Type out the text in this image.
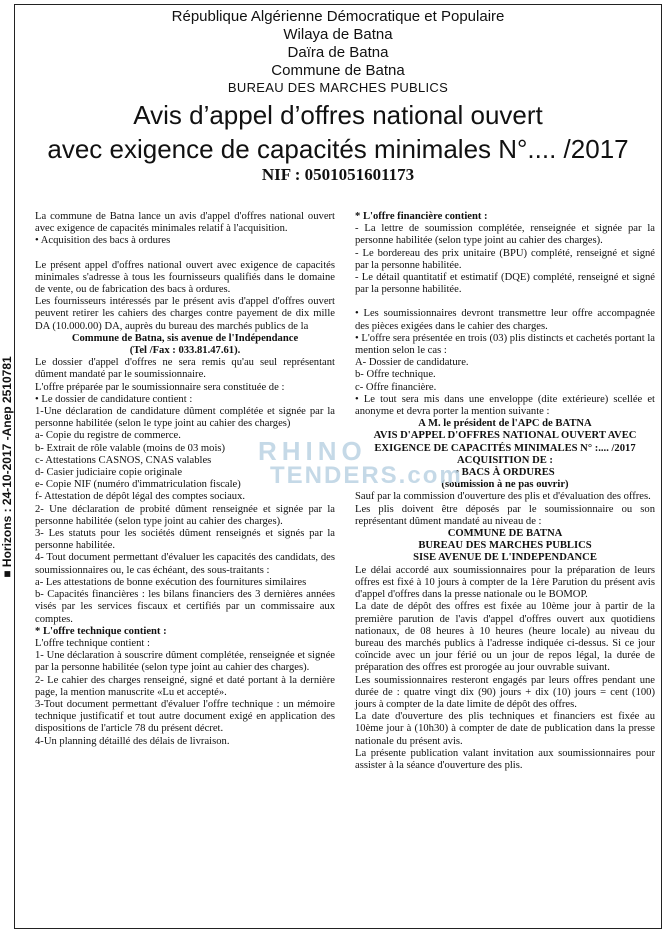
■ Horizons : 24-10-2017 -Anep 2510781
République Algérienne Démocratique et Populaire
Wilaya de Batna
Daïra de Batna
Commune de Batna
BUREAU DES MARCHES PUBLICS
Avis d’appel d’offres national ouvert
avec exigence de capacités minimales N°.... /2017
NIF : 0501051601173

La commune de Batna lance un avis d'appel d'offres national ouvert avec exigence de capacités minimales relatif à l'acquisition.

• Acquisition des bacs à ordures

Le présent appel d'offres national ouvert avec exigence de capacités minimales s'adresse à tous les fournisseurs qualifiés dans le domaine de vente, ou de fabrication des bacs à ordures.

Les fournisseurs intéressés par le présent avis d'appel d'offres ouvert peuvent retirer les cahiers des charges contre payement de dix mille DA (10.000.00) DA, auprès du bureau des marchés publics de la

Commune de Batna, sis avenue de l'Indépendance

(Tel /Fax : 033.81.47.61).

Le dossier d'appel d'offres ne sera remis qu'au seul représentant dûment mandaté par le soumissionnaire.

L'offre préparée par le soumissionnaire sera constituée de :

• Le dossier de candidature contient :

1-Une déclaration de candidature dûment complétée et signée par la personne habilitée (selon le type joint au cahier des charges)

a- Copie du registre de commerce.

b- Extrait de rôle valable (moins de 03 mois)

c- Attestations CASNOS, CNAS valables

d- Casier judiciaire copie originale

e- Copie NIF (numéro d'immatriculation fiscale)

f- Attestation de dépôt légal des comptes sociaux.

2- Une déclaration de probité dûment renseignée et signée par la personne habilitée (selon type joint au cahier des charges).

3- Les statuts pour les sociétés dûment renseignés et signés par la personne habilitée.

4- Tout document permettant d'évaluer les capacités des candidats, des soumissionnaires ou, le cas échéant, des sous-traitants :

a- Les attestations de bonne exécution des fournitures similaires

b- Capacités financières : les bilans financiers des 3 dernières années visés par les services fiscaux et certifiés par un commissaire aux comptes.

* L'offre technique contient :

L'offre technique contient :

1- Une déclaration à souscrire dûment complétée, renseignée et signée par la personne habilitée (selon type joint au cahier des charges).

2- Le cahier des charges renseigné, signé et daté portant à la dernière page, la mention manuscrite «Lu et accepté».

3-Tout document permettant d'évaluer l'offre technique : un mémoire technique justificatif et tout autre document exigé en application des dispositions de l'article 78 du présent décret.

4-Un planning détaillé des délais de livraison.

* L'offre financière contient :

- La lettre de soumission complétée, renseignée et signée par la personne habilitée (selon type joint au cahier des charges).

- Le bordereau des prix unitaire (BPU) complété, renseigné et signé par la personne habilitée.

- Le détail quantitatif et estimatif (DQE) complété, renseigné et signé par la personne habilitée.

• Les soumissionnaires devront transmettre leur offre accompagnée des pièces exigées dans le cahier des charges.

• L'offre sera présentée en trois (03) plis distincts et cachetés portant la mention selon le cas :

A- Dossier de candidature.

b- Offre technique.

c- Offre financière.

• Le tout sera mis dans une enveloppe (dite extérieure) scellée et anonyme et devra porter la mention suivante :

A M. le président de l'APC de BATNA

AVIS D'APPEL D'OFFRES NATIONAL OUVERT AVEC EXIGENCE DE CAPACITÉS MINIMALES N° :.... /2017

ACQUISITION DE :

• BACS À ORDURES

(soumission à ne pas ouvrir)

Sauf par la commission d'ouverture des plis et d'évaluation des offres.

Les plis doivent être déposés par le soumissionnaire ou son représentant dûment mandaté au niveau de :

COMMUNE DE BATNA

BUREAU DES MARCHES PUBLICS

SISE AVENUE DE L'INDEPENDANCE

Le délai accordé aux soumissionnaires pour la préparation de leurs offres est fixé à 10 jours à compter de la 1ère Parution du présent avis d'appel d'offres dans la presse nationale ou le BOMOP.

La date de dépôt des offres est fixée au 10ème jour à partir de la première parution de l'avis d'appel d'offres ouvert aux quotidiens nationaux, de 08 heures à 10 heures (heure locale) au niveau du bureau des marchés publics à l'adresse indiquée ci-dessus. Si ce jour coïncide avec un jour férié ou un jour de repos légal, la durée de préparation des offres est prorogée au jour ouvrable suivant.

Les soumissionnaires resteront engagés par leurs offres pendant une durée de : quatre vingt dix (90) jours + dix (10) jours = cent (100) jours à compter de la date limite de dépôt des offres.

La date d'ouverture des plis techniques et financiers est fixée au 10ème jour à (10h30) à compter de date de publication dans la presse nationale du présent avis.

La présente publication valant invitation aux soumissionnaires pour assister à la séance d'ouverture des plis.

RHINO
TENDERS.com
